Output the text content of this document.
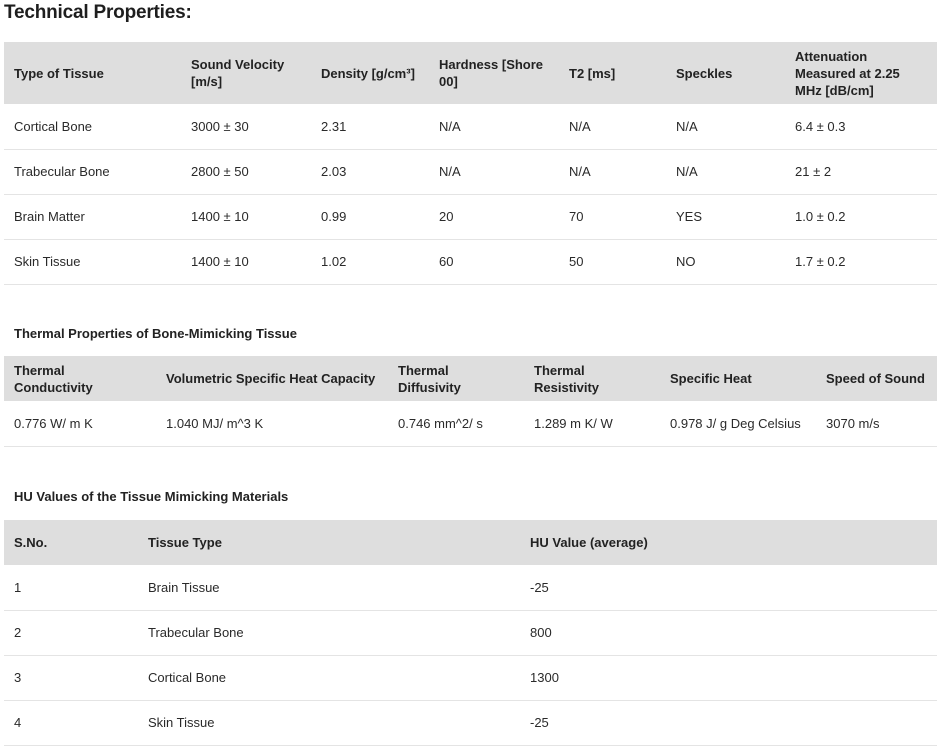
Technical Properties:
Type of Tissue	Sound Velocity [m/s]	Density [g/cm³]	Hardness [Shore 00]	T2 [ms]	Speckles	Attenuation Measured at 2.25 MHz [dB/cm]
Cortical Bone	3000 ± 30	2.31	N/A	N/A	N/A	6.4 ± 0.3
Trabecular Bone	2800 ± 50	2.03	N/A	N/A	N/A	21 ± 2
Brain Matter	1400 ± 10	0.99	20	70	YES	1.0 ± 0.2
Skin Tissue	1400 ± 10	1.02	60	50	NO	1.7 ± 0.2
Thermal Properties of Bone-Mimicking Tissue
Thermal Conductivity	Volumetric Specific Heat Capacity	Thermal Diffusivity	Thermal Resistivity	Specific Heat	Speed of Sound
0.776 W/ m K	1.040 MJ/ m^3 K	0.746 mm^2/ s	1.289 m K/ W	0.978 J/ g Deg Celsius	3070 m/s
HU Values of the Tissue Mimicking Materials
S.No.	Tissue Type	HU Value (average)
1	Brain Tissue	-25
2	Trabecular Bone	800
3	Cortical Bone	1300
4	Skin Tissue	-25
